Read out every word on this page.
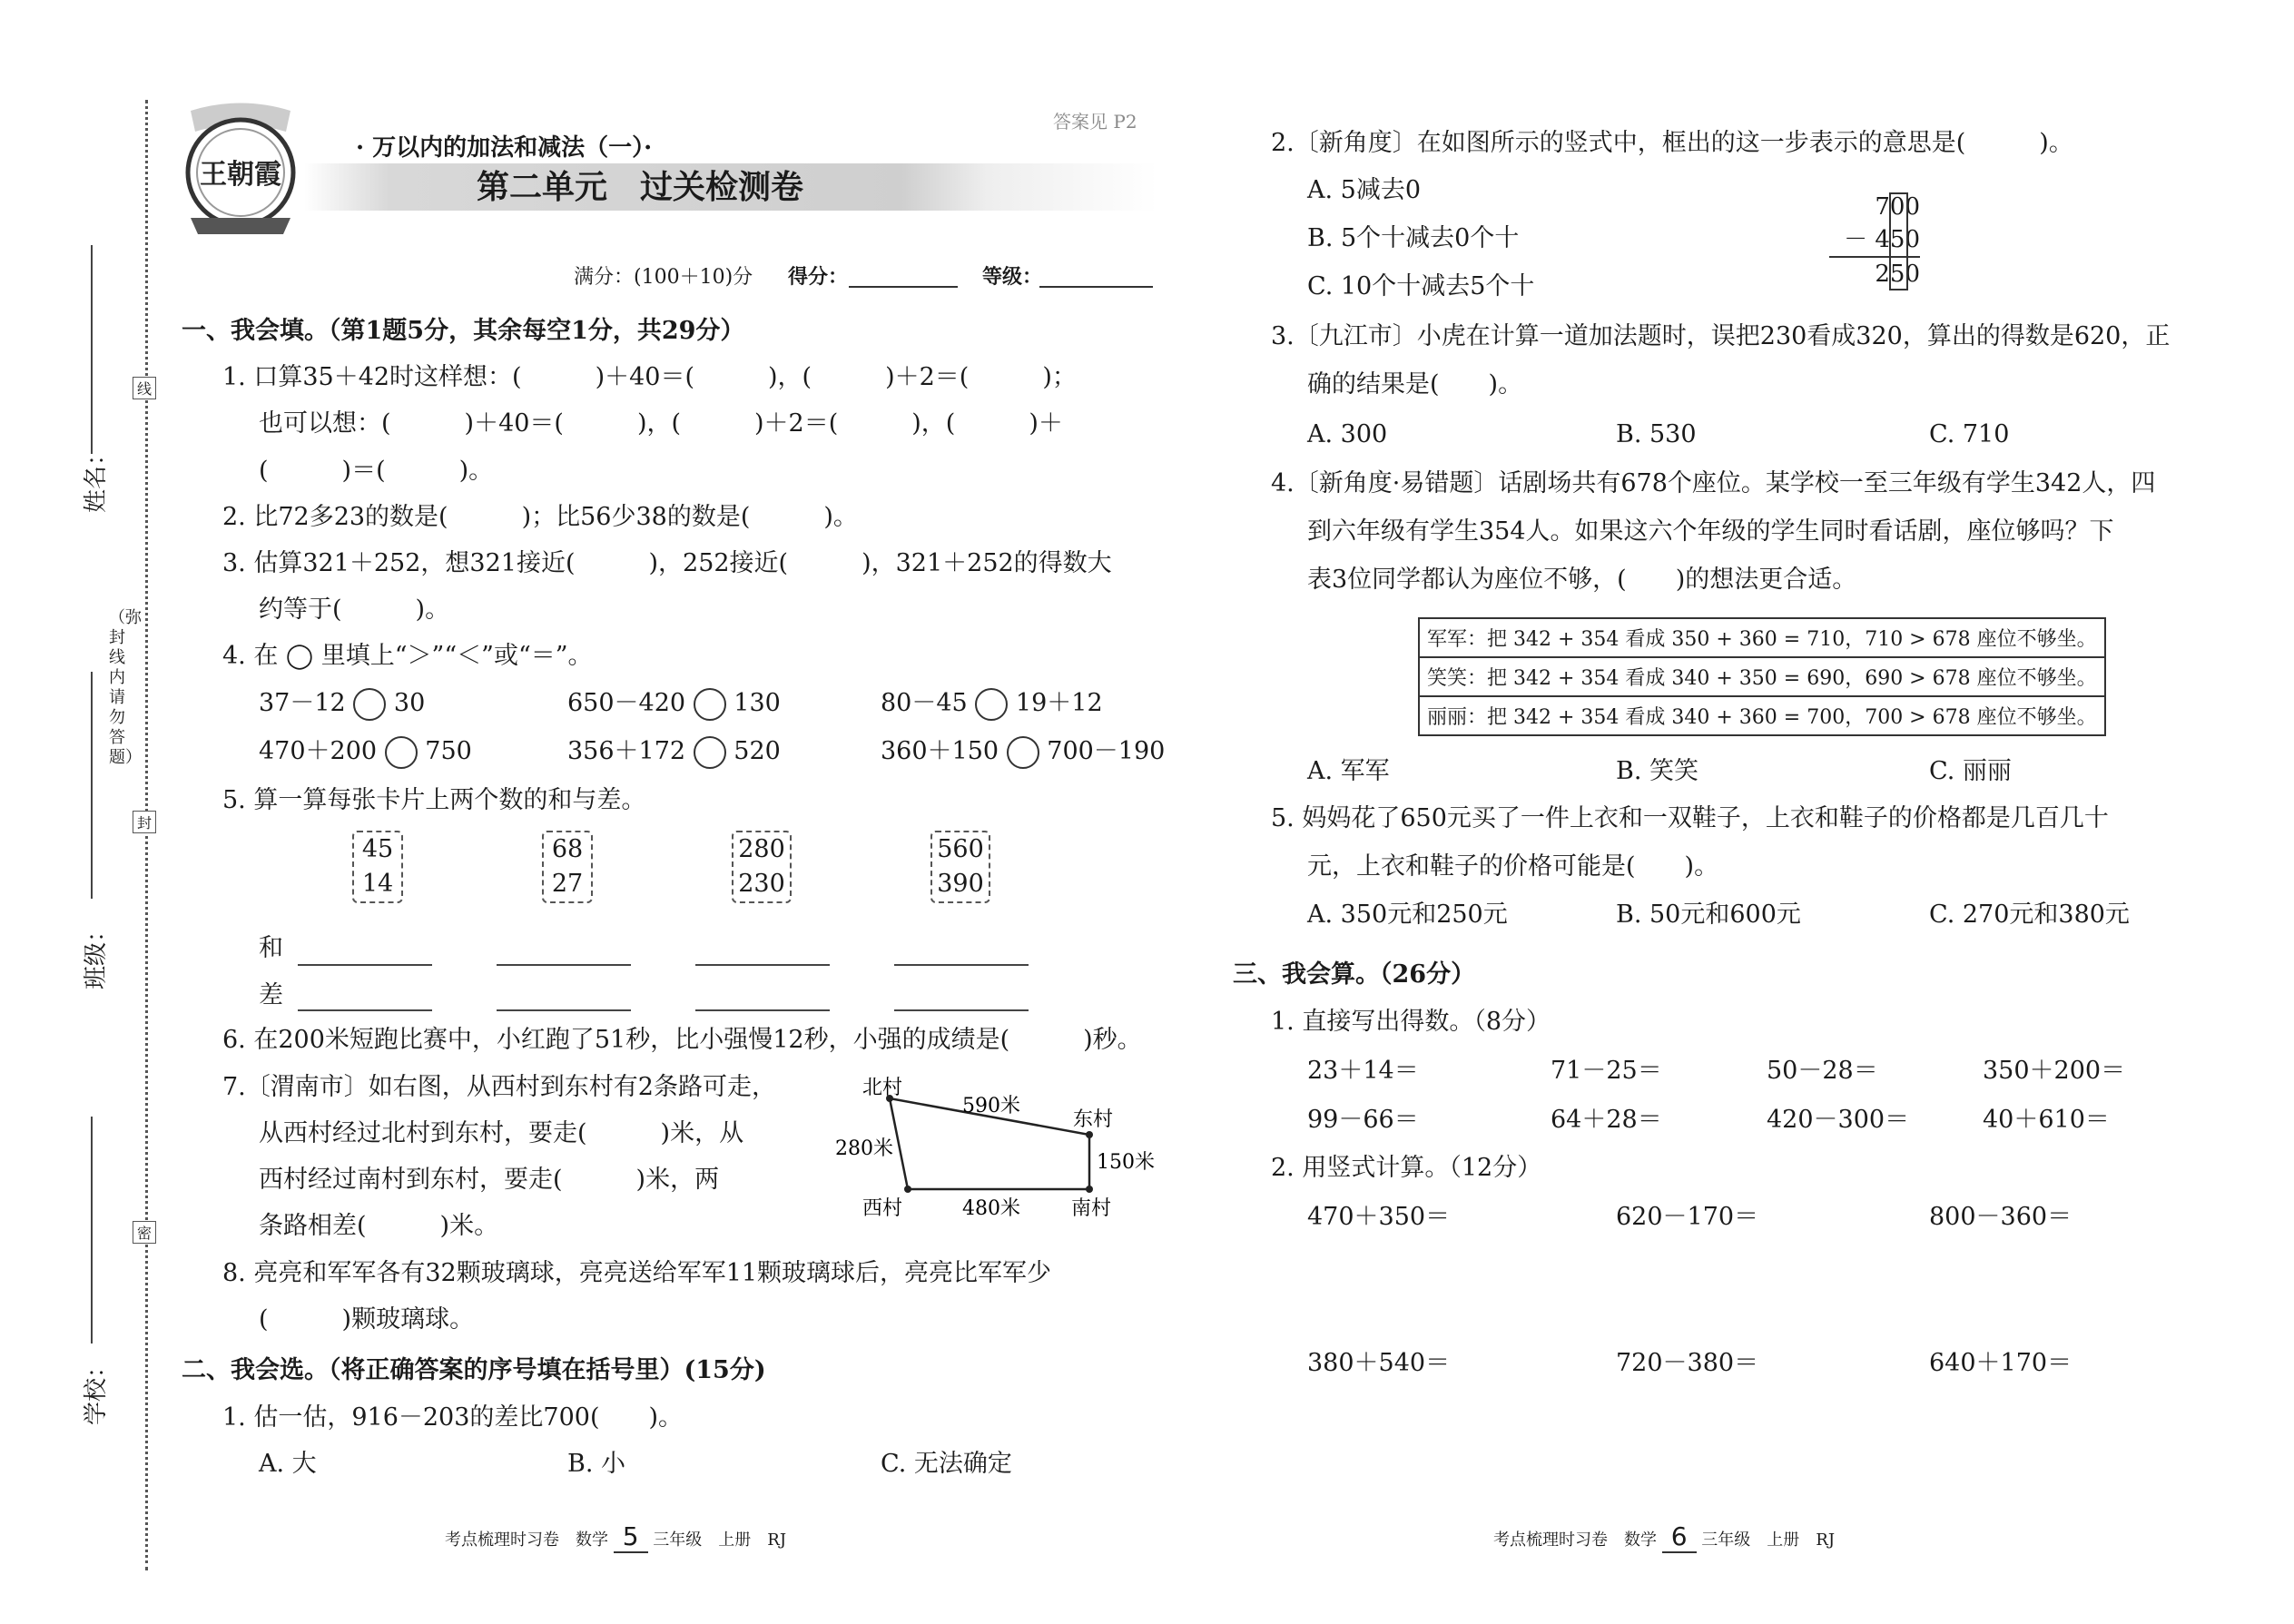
姓名：
班级：
学校：
（弥封线内请勿答题）
线
封
密
王朝霞
答案见 P2
· 万以内的加法和减法（一）·
第二单元　过关检测卷
满分：(100＋10)分 得分：	等级：
一、我会填。（第1题5分，其余每空1分，共29分）
1. 口算35＋42时这样想：(　　　)＋40＝(　　　)，(　　　)＋2＝(　　　)；
也可以想：(　　　)＋40＝(　　　)，(　　　)＋2＝(　　　)，(　　　)＋
(　　　)＝(　　　)。
2. 比72多23的数是(　　　)；比56少38的数是(　　　)。
3. 估算321＋252，想321接近(　　　)，252接近(　　　)，321＋252的得数大
约等于(　　　)。
4. 在 ◯ 里填上“＞”“＜”或“＝”。
37－12 30	650－420 130	80－45 19＋12
470＋200 750	356＋172 520	360＋150 700－190
5. 算一算每张卡片上两个数的和与差。
45
14
68
27
280
230
560
390
和
差
6. 在200米短跑比赛中，小红跑了51秒，比小强慢12秒，小强的成绩是(　　　)秒。
7.〔渭南市〕如右图，从西村到东村有2条路可走，
从西村经过北村到东村，要走(　　　)米，从
西村经过南村到东村，要走(　　　)米，两
条路相差(　　　)米。
北村
东村
西村	南村
590米
280米
150米
480米
8. 亮亮和军军各有32颗玻璃球，亮亮送给军军11颗玻璃球后，亮亮比军军少
(　　　)颗玻璃球。
二、我会选。（将正确答案的序号填在括号里）(15分)
1. 估一估，916－203的差比700(　　)。
A. 大	B. 小	C. 无法确定
考点梳理时习卷　数学 5 三年级　上册　RJ
2.〔新角度〕在如图所示的竖式中，框出的这一步表示的意思是(　　　)。
A. 5减去0
B. 5个十减去0个十
C. 10个十减去5个十
700
－ 450
250
3.〔九江市〕小虎在计算一道加法题时，误把230看成320，算出的得数是620，正
确的结果是(　　)。
A. 300	B. 530	C. 710
4.〔新角度·易错题〕话剧场共有678个座位。某学校一至三年级有学生342人，四
到六年级有学生354人。如果这六个年级的学生同时看话剧，座位够吗？下
表3位同学都认为座位不够，(　　)的想法更合适。
军军：把 342 + 354 看成 350 + 360 = 710，710 > 678 座位不够坐。
笑笑：把 342 + 354 看成 340 + 350 = 690，690 > 678 座位不够坐。
丽丽：把 342 + 354 看成 340 + 360 = 700，700 > 678 座位不够坐。
A. 军军	B. 笑笑	C. 丽丽
5. 妈妈花了650元买了一件上衣和一双鞋子，上衣和鞋子的价格都是几百几十
元，上衣和鞋子的价格可能是(　　)。
A. 350元和250元	B. 50元和600元	C. 270元和380元
三、我会算。（26分）
1. 直接写出得数。（8分）
23＋14＝	71－25＝	50－28＝	350＋200＝
99－66＝	64＋28＝	420－300＝	40＋610＝
2. 用竖式计算。（12分）
470＋350＝	620－170＝	800－360＝
380＋540＝	720－380＝	640＋170＝
考点梳理时习卷　数学 6 三年级　上册　RJ
